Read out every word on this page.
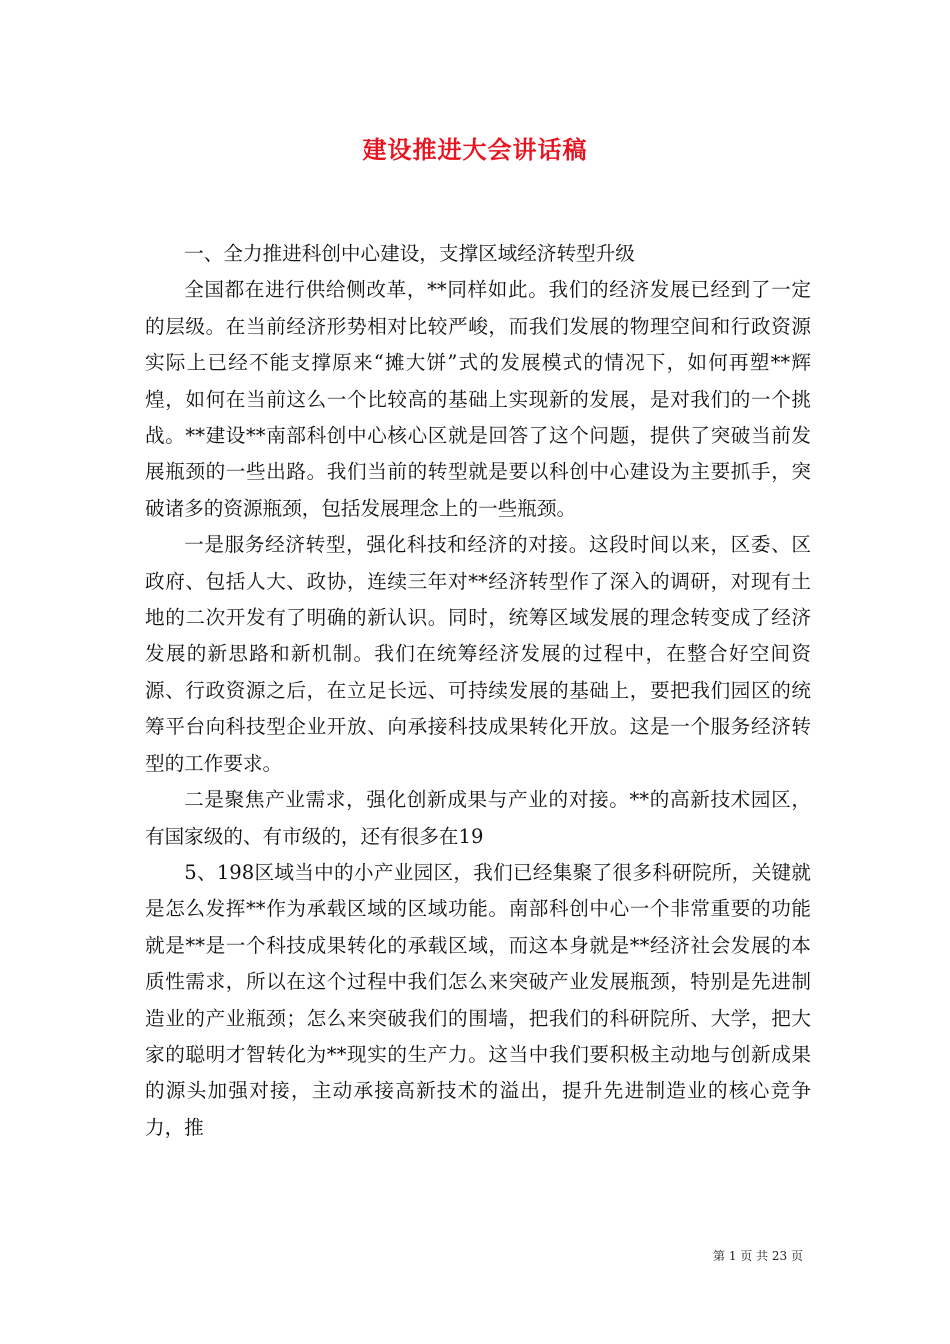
建设推进大会讲话稿

一、全力推进科创中心建设，支撑区域经济转型升级

全国都在进行供给侧改革，**同样如此。我们的经济发展已经到了一定的层级。在当前经济形势相对比较严峻，而我们发展的物理空间和行政资源实际上已经不能支撑原来“摊大饼”式的发展模式的情况下，如何再塑**辉煌，如何在当前这么一个比较高的基础上实现新的发展，是对我们的一个挑战。**建设**南部科创中心核心区就是回答了这个问题，提供了突破当前发展瓶颈的一些出路。我们当前的转型就是要以科创中心建设为主要抓手，突破诸多的资源瓶颈，包括发展理念上的一些瓶颈。

一是服务经济转型，强化科技和经济的对接。这段时间以来，区委、区政府、包括人大、政协，连续三年对**经济转型作了深入的调研，对现有土地的二次开发有了明确的新认识。同时，统筹区域发展的理念转变成了经济发展的新思路和新机制。我们在统筹经济发展的过程中，在整合好空间资源、行政资源之后，在立足长远、可持续发展的基础上，要把我们园区的统筹平台向科技型企业开放、向承接科技成果转化开放。这是一个服务经济转型的工作要求。

二是聚焦产业需求，强化创新成果与产业的对接。**的高新技术园区，有国家级的、有市级的，还有很多在19

5、198区域当中的小产业园区，我们已经集聚了很多科研院所，关键就是怎么发挥**作为承载区域的区域功能。南部科创中心一个非常重要的功能就是**是一个科技成果转化的承载区域，而这本身就是**经济社会发展的本质性需求，所以在这个过程中我们怎么来突破产业发展瓶颈，特别是先进制造业的产业瓶颈；怎么来突破我们的围墙，把我们的科研院所、大学，把大家的聪明才智转化为**现实的生产力。这当中我们要积极主动地与创新成果的源头加强对接，主动承接高新技术的溢出，提升先进制造业的核心竞争力，推

第 1 页 共 23 页
